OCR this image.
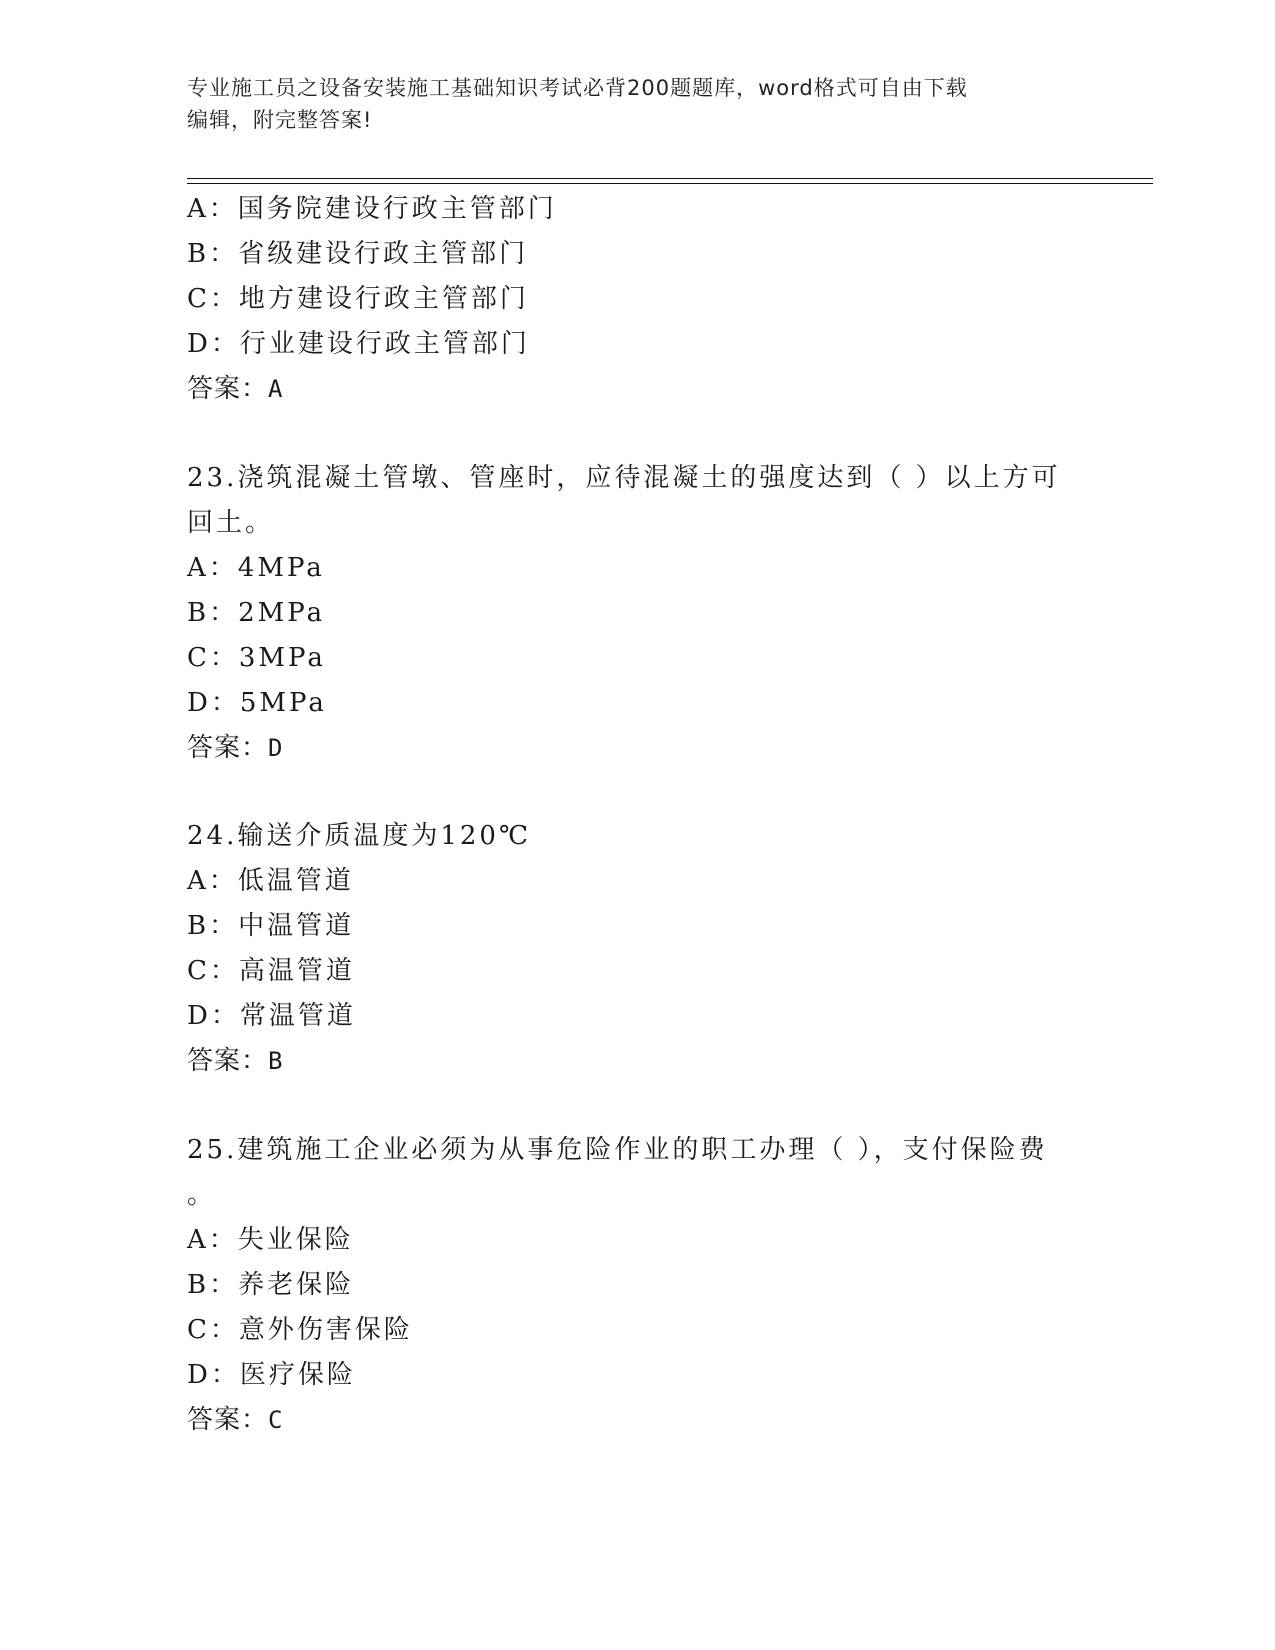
专业施工员之设备安装施工基础知识考试必背200题题库，word格式可自由下载
编辑，附完整答案!
A：国务院建设行政主管部门
B：省级建设行政主管部门
C：地方建设行政主管部门
D：行业建设行政主管部门
答案：A
23.浇筑混凝土管墩、管座时，应待混凝土的强度达到（ ）以上方可
回土。
A：4MPa
B：2MPa
C：3MPa
D：5MPa
答案：D
24.输送介质温度为120℃
A：低温管道
B：中温管道
C：高温管道
D：常温管道
答案：B
25.建筑施工企业必须为从事危险作业的职工办理（ ），支付保险费
。
A：失业保险
B：养老保险
C：意外伤害保险
D：医疗保险
答案：C
